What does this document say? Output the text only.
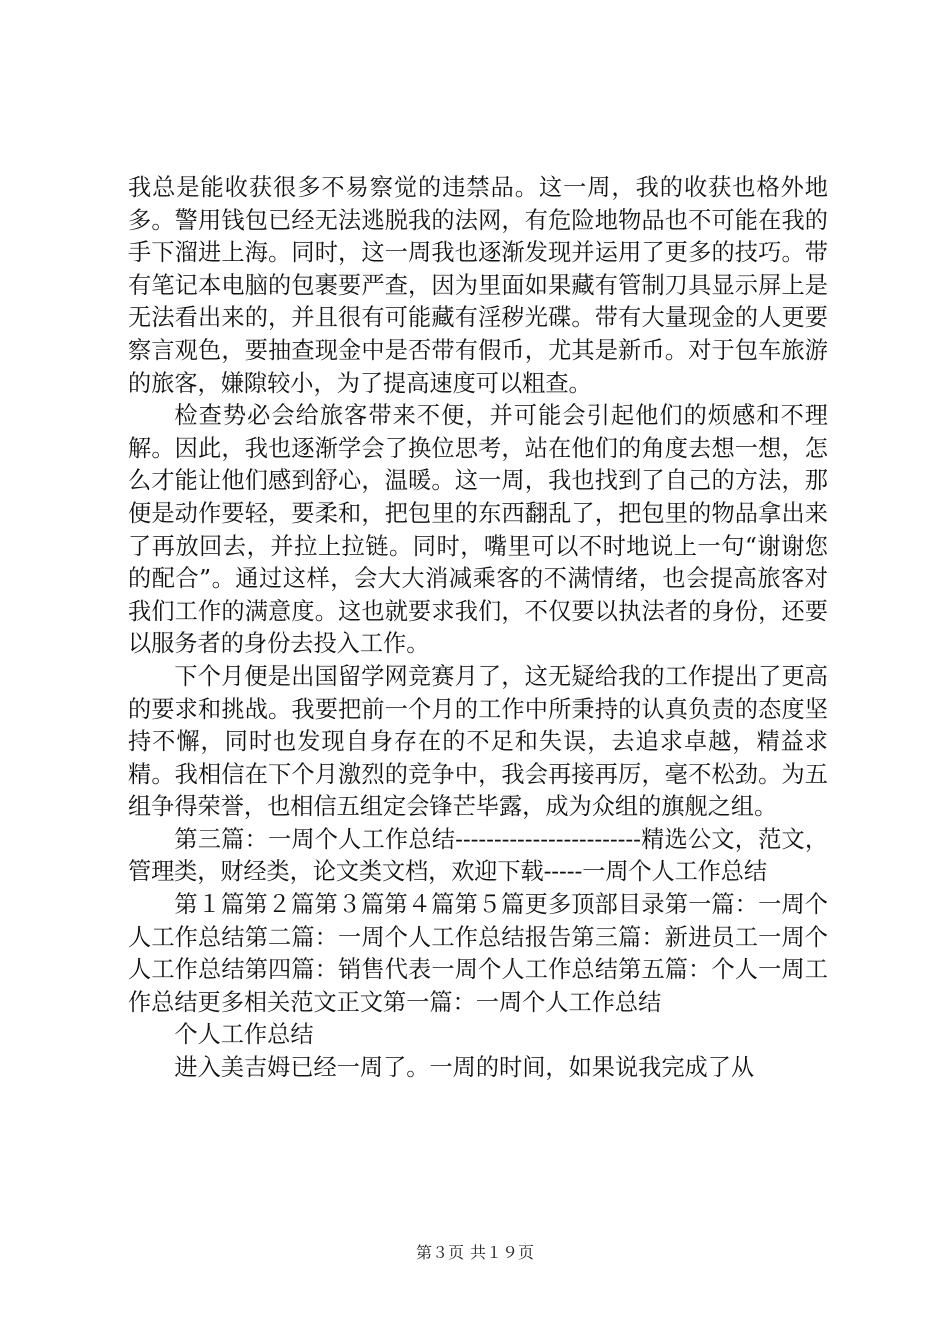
我总是能收获很多不易察觉的违禁品。这一周，我的收获也格外地多。警用钱包已经无法逃脱我的法网，有危险地物品也不可能在我的手下溜进上海。同时，这一周我也逐渐发现并运用了更多的技巧。带有笔记本电脑的包裹要严查，因为里面如果藏有管制刀具显示屏上是无法看出来的，并且很有可能藏有淫秽光碟。带有大量现金的人更要察言观色，要抽查现金中是否带有假币，尤其是新币。对于包车旅游的旅客，嫌隙较小，为了提高速度可以粗查。

检查势必会给旅客带来不便，并可能会引起他们的烦感和不理解。因此，我也逐渐学会了换位思考，站在他们的角度去想一想，怎么才能让他们感到舒心，温暖。这一周，我也找到了自己的方法，那便是动作要轻，要柔和，把包里的东西翻乱了，把包里的物品拿出来了再放回去，并拉上拉链。同时，嘴里可以不时地说上一句“谢谢您的配合”。通过这样，会大大消减乘客的不满情绪，也会提高旅客对我们工作的满意度。这也就要求我们，不仅要以执法者的身份，还要以服务者的身份去投入工作。

下个月便是出国留学网竞赛月了，这无疑给我的工作提出了更高的要求和挑战。我要把前一个月的工作中所秉持的认真负责的态度坚持不懈，同时也发现自身存在的不足和失误，去追求卓越，精益求精。我相信在下个月激烈的竞争中，我会再接再厉，毫不松劲。为五组争得荣誉，也相信五组定会锋芒毕露，成为众组的旗舰之组。

第三篇：一周个人工作总结------------------------精选公文，范文，管理类，财经类，论文类文档，欢迎下载-----一周个人工作总结

第１篇第２篇第３篇第４篇第５篇更多顶部目录第一篇：一周个人工作总结第二篇：一周个人工作总结报告第三篇：新进员工一周个人工作总结第四篇：销售代表一周个人工作总结第五篇：个人一周工作总结更多相关范文正文第一篇：一周个人工作总结

个人工作总结

进入美吉姆已经一周了。一周的时间，如果说我完成了从

第３页 共１９页
